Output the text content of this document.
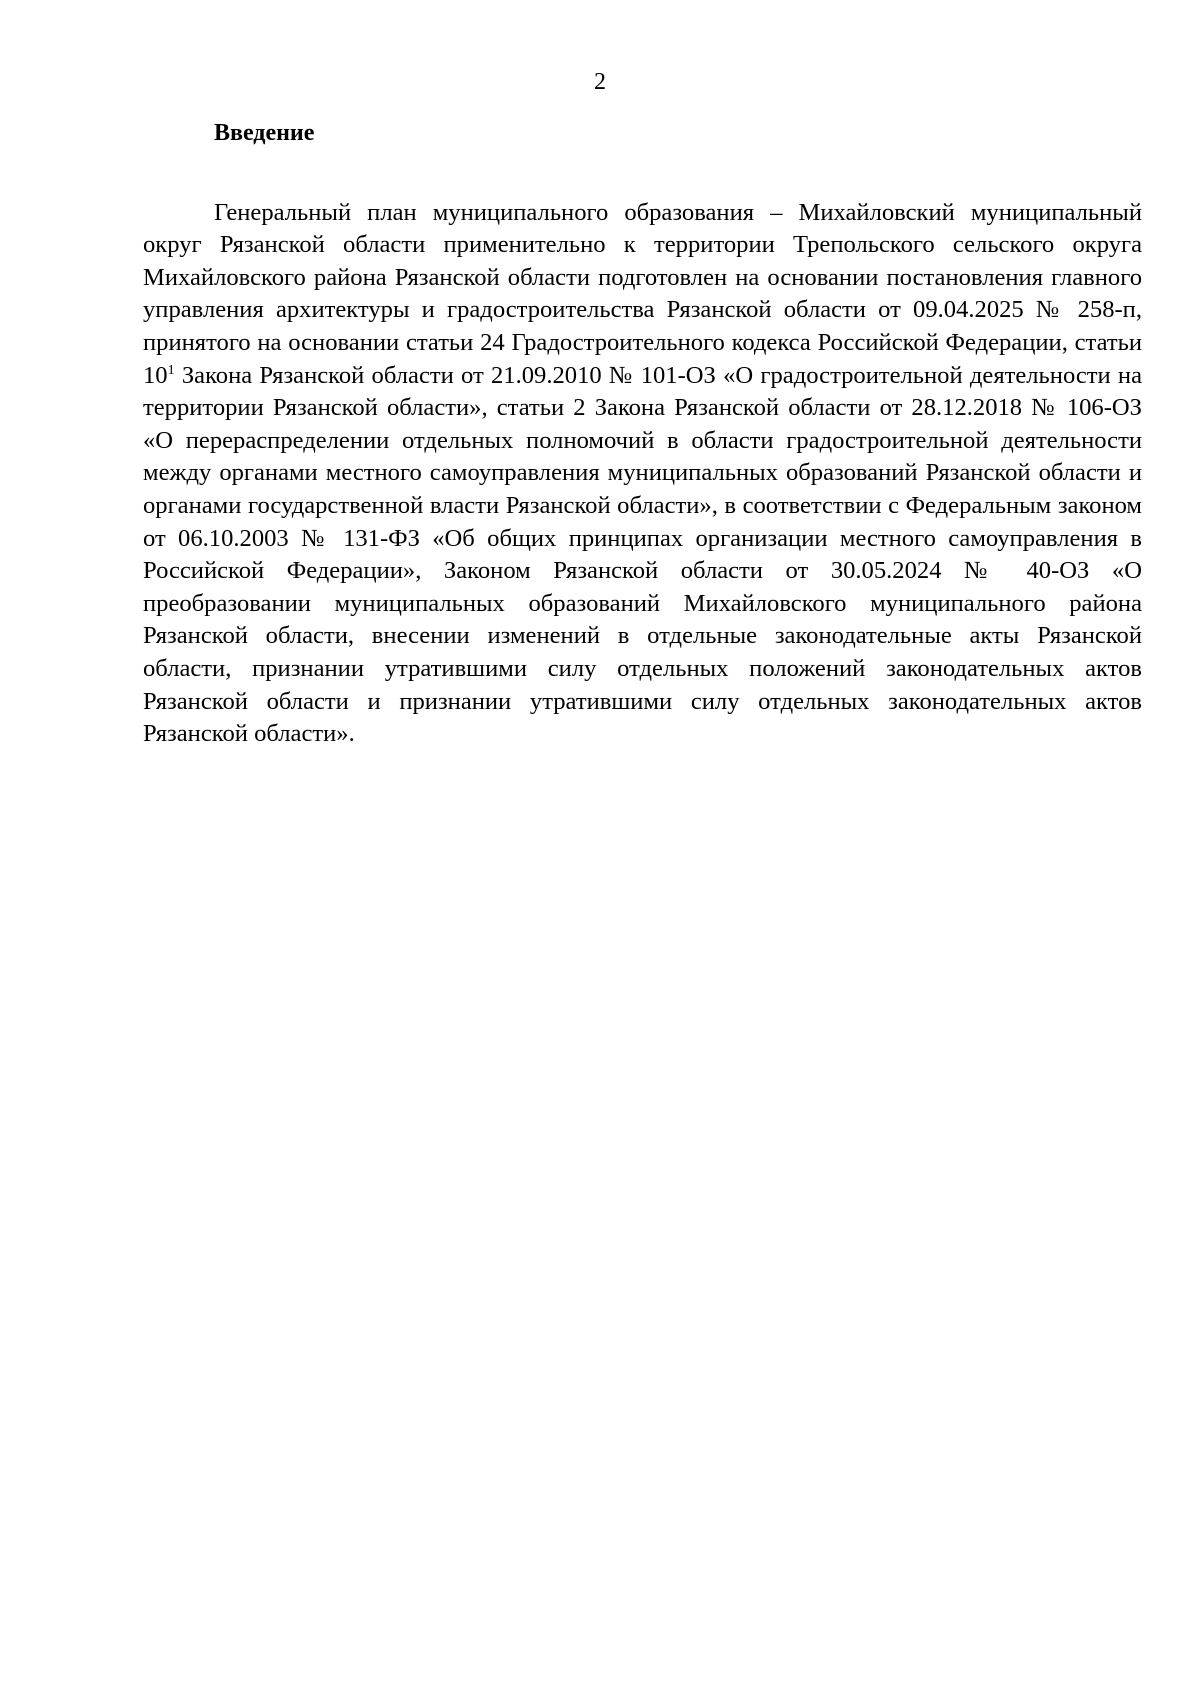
2
Введение

Генеральный план муниципального образования – Михайловский муниципальный округ Рязанской области применительно к территории Трепольского сельского округа Михайловского района Рязанской области подготовлен на основании постановления главного управления архитектуры и градостроительства Рязанской области от 09.04.2025 № 258-п, принятого на основании статьи 24 Градостроительного кодекса Российской Федерации, статьи $10^1$ Закона Рязанской области от 21.09.2010 № 101-ОЗ «О градостроительной деятельности на территории Рязанской области», статьи 2 Закона Рязанской области от 28.12.2018 № 106-ОЗ «О перераспределении отдельных полномочий в области градостроительной деятельности между органами местного самоуправления муниципальных образований Рязанской области и органами государственной власти Рязанской области», в соответствии с Федеральным законом от 06.10.2003 № 131-ФЗ «Об общих принципах организации местного самоуправления в Российской Федерации», Законом Рязанской области от 30.05.2024 № 40-ОЗ «О преобразовании муниципальных образований Михайловского муниципального района Рязанской области, внесении изменений в отдельные законодательные акты Рязанской области, признании утратившими силу отдельных положений законодательных актов Рязанской области и признании утратившими силу отдельных законодательных актов Рязанской области».
